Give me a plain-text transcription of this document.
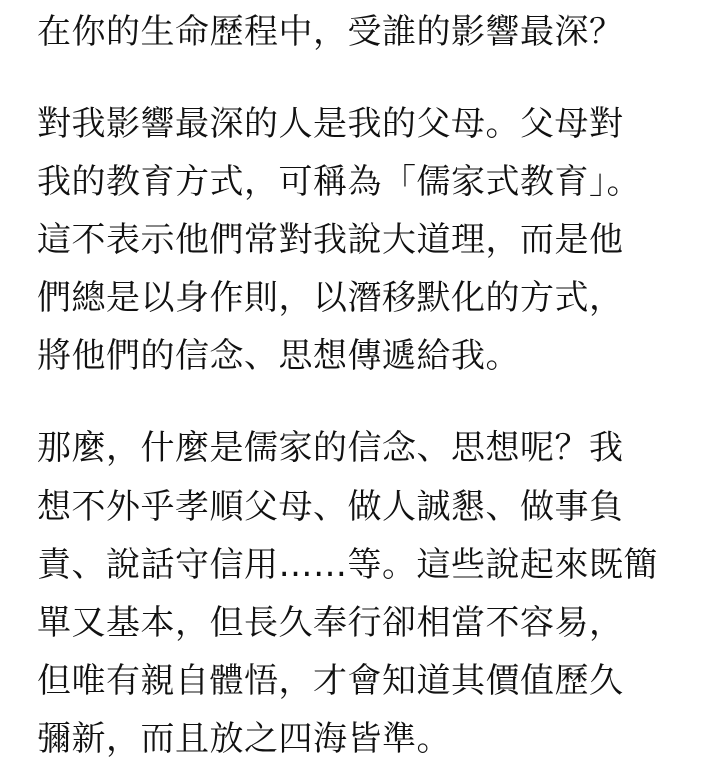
在你的生命歷程中，受誰的影響最深？
對我影響最深的人是我的父母。父母對
我的教育方式，可稱為「儒家式教育」。
這不表示他們常對我說大道理，而是他
們總是以身作則，以潛移默化的方式，
將他們的信念、思想傳遞給我。
那麼，什麼是儒家的信念、思想呢？我
想不外乎孝順父母、做人誠懇、做事負
責、說話守信用……等。這些說起來既簡
單又基本，但長久奉行卻相當不容易，
但唯有親自體悟，才會知道其價值歷久
彌新，而且放之四海皆準。
